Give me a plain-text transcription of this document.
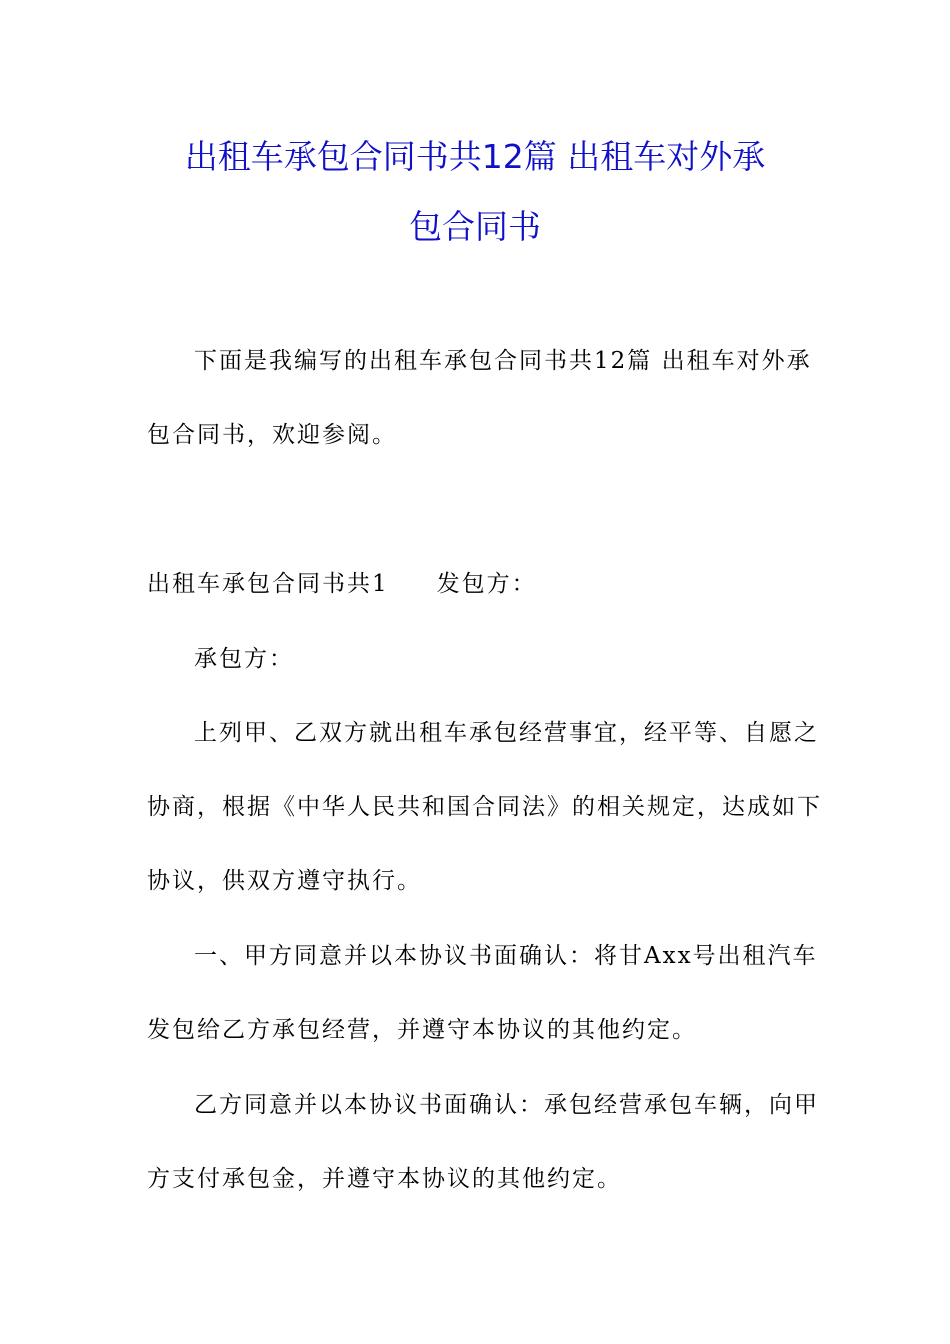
出租车承包合同书共12篇 出租车对外承
包合同书
下面是我编写的出租车承包合同书共12篇 出租车对外承
包合同书，欢迎参阅。
出租车承包合同书共1 发包方：
承包方：
上列甲、乙双方就出租车承包经营事宜，经平等、自愿之
协商，根据《中华人民共和国合同法》的相关规定，达成如下
协议，供双方遵守执行。
一、甲方同意并以本协议书面确认：将甘Axx号出租汽车
发包给乙方承包经营，并遵守本协议的其他约定。
乙方同意并以本协议书面确认：承包经营承包车辆，向甲
方支付承包金，并遵守本协议的其他约定。
